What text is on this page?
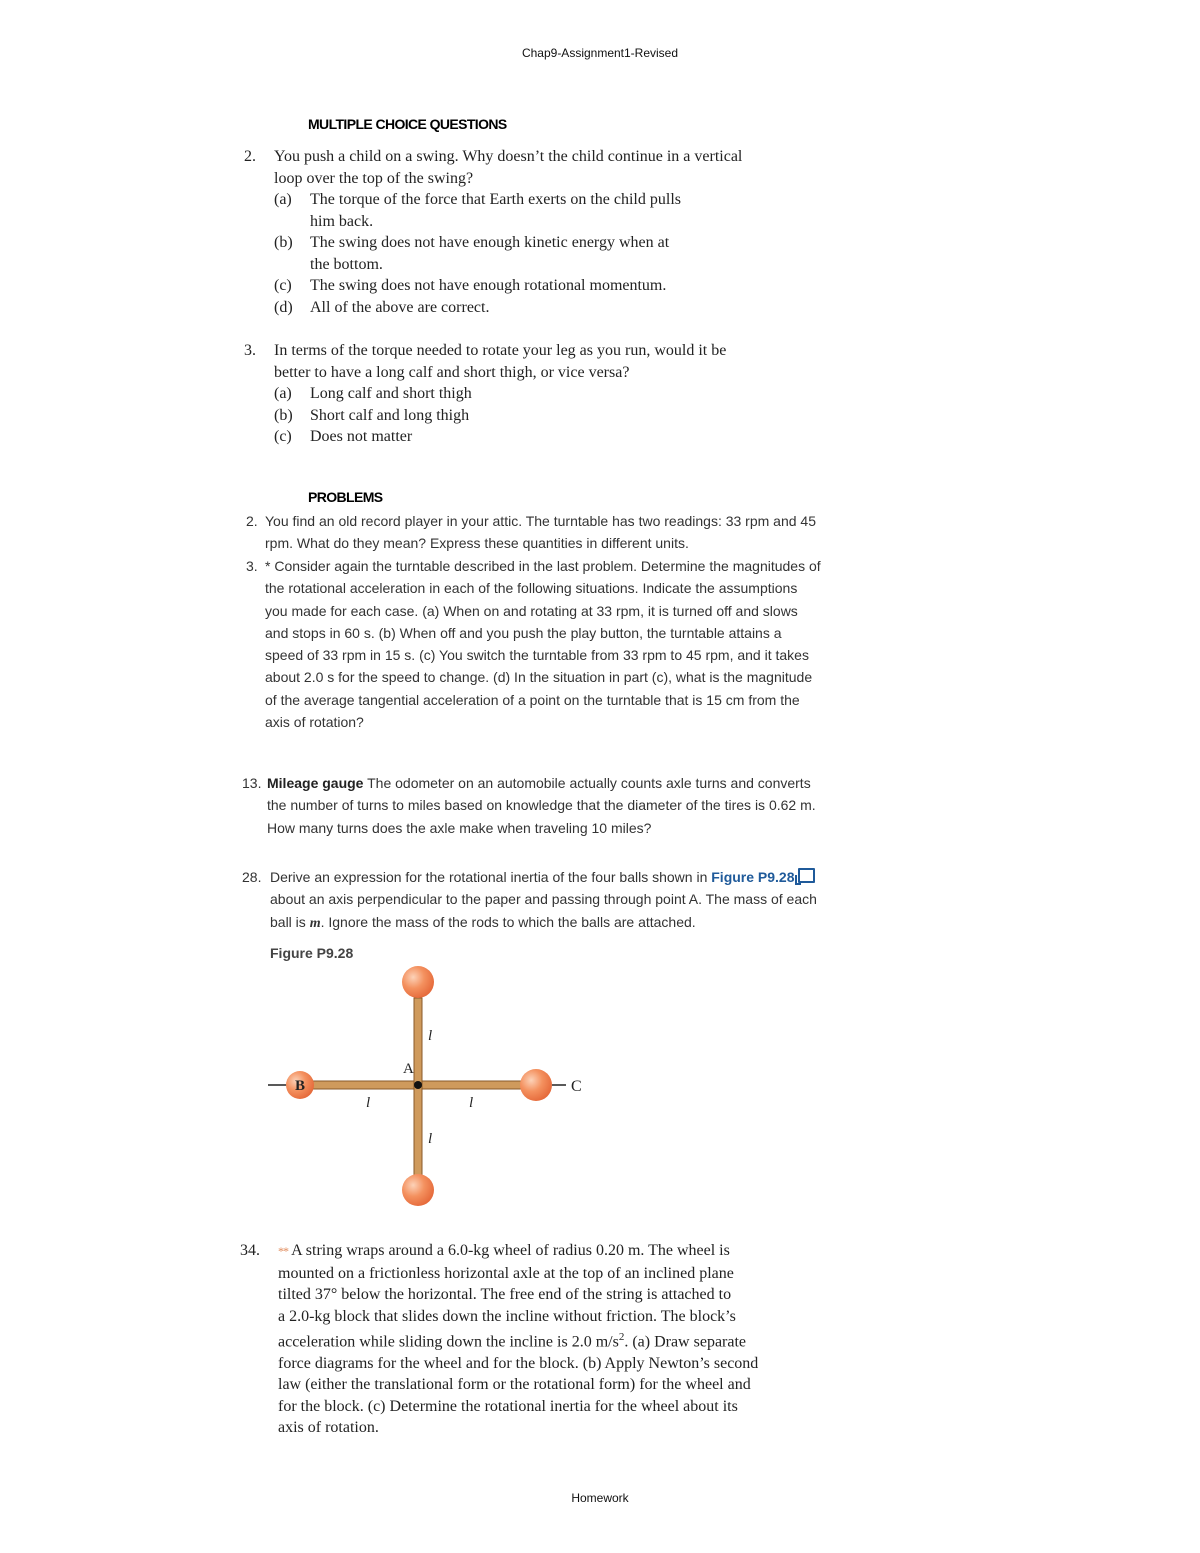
Chap9-Assignment1-Revised
MULTIPLE CHOICE QUESTIONS
2. You push a child on a swing. Why doesn’t the child continue in a vertical
loop over the top of the swing?
(a) The torque of the force that Earth exerts on the child pulls
him back.
(b) The swing does not have enough kinetic energy when at
the bottom.
(c) The swing does not have enough rotational momentum.
(d) All of the above are correct.
3. In terms of the torque needed to rotate your leg as you run, would it be
better to have a long calf and short thigh, or vice versa?
(a) Long calf and short thigh
(b) Short calf and long thigh
(c) Does not matter
PROBLEMS
2. You find an old record player in your attic. The turntable has two readings: 33 rpm and 45
rpm. What do they mean? Express these quantities in different units.
3. * Consider again the turntable described in the last problem. Determine the magnitudes of
the rotational acceleration in each of the following situations. Indicate the assumptions
you made for each case. (a) When on and rotating at 33 rpm, it is turned off and slows
and stops in 60 s. (b) When off and you push the play button, the turntable attains a
speed of 33 rpm in 15 s. (c) You switch the turntable from 33 rpm to 45 rpm, and it takes
about 2.0 s for the speed to change. (d) In the situation in part (c), what is the magnitude
of the average tangential acceleration of a point on the turntable that is 15 cm from the
axis of rotation?
13. Mileage gauge The odometer on an automobile actually counts axle turns and converts
the number of turns to miles based on knowledge that the diameter of the tires is 0.62 m.
How many turns does the axle make when traveling 10 miles?
28. Derive an expression for the rotational inertia of the four balls shown in Figure P9.28
about an axis perpendicular to the paper and passing through point A. The mass of each
ball is m. Ignore the mass of the rods to which the balls are attached.
Figure P9.28
A
B	C
l
l
l	l
34. ** A string wraps around a 6.0-kg wheel of radius 0.20 m. The wheel is
mounted on a frictionless horizontal axle at the top of an inclined plane
tilted 37° below the horizontal. The free end of the string is attached to
a 2.0-kg block that slides down the incline without friction. The block’s
acceleration while sliding down the incline is 2.0 $m/s^2$. (a) Draw separate
force diagrams for the wheel and for the block. (b) Apply Newton’s second
law (either the translational form or the rotational form) for the wheel and
for the block. (c) Determine the rotational inertia for the wheel about its
axis of rotation.
Homework
